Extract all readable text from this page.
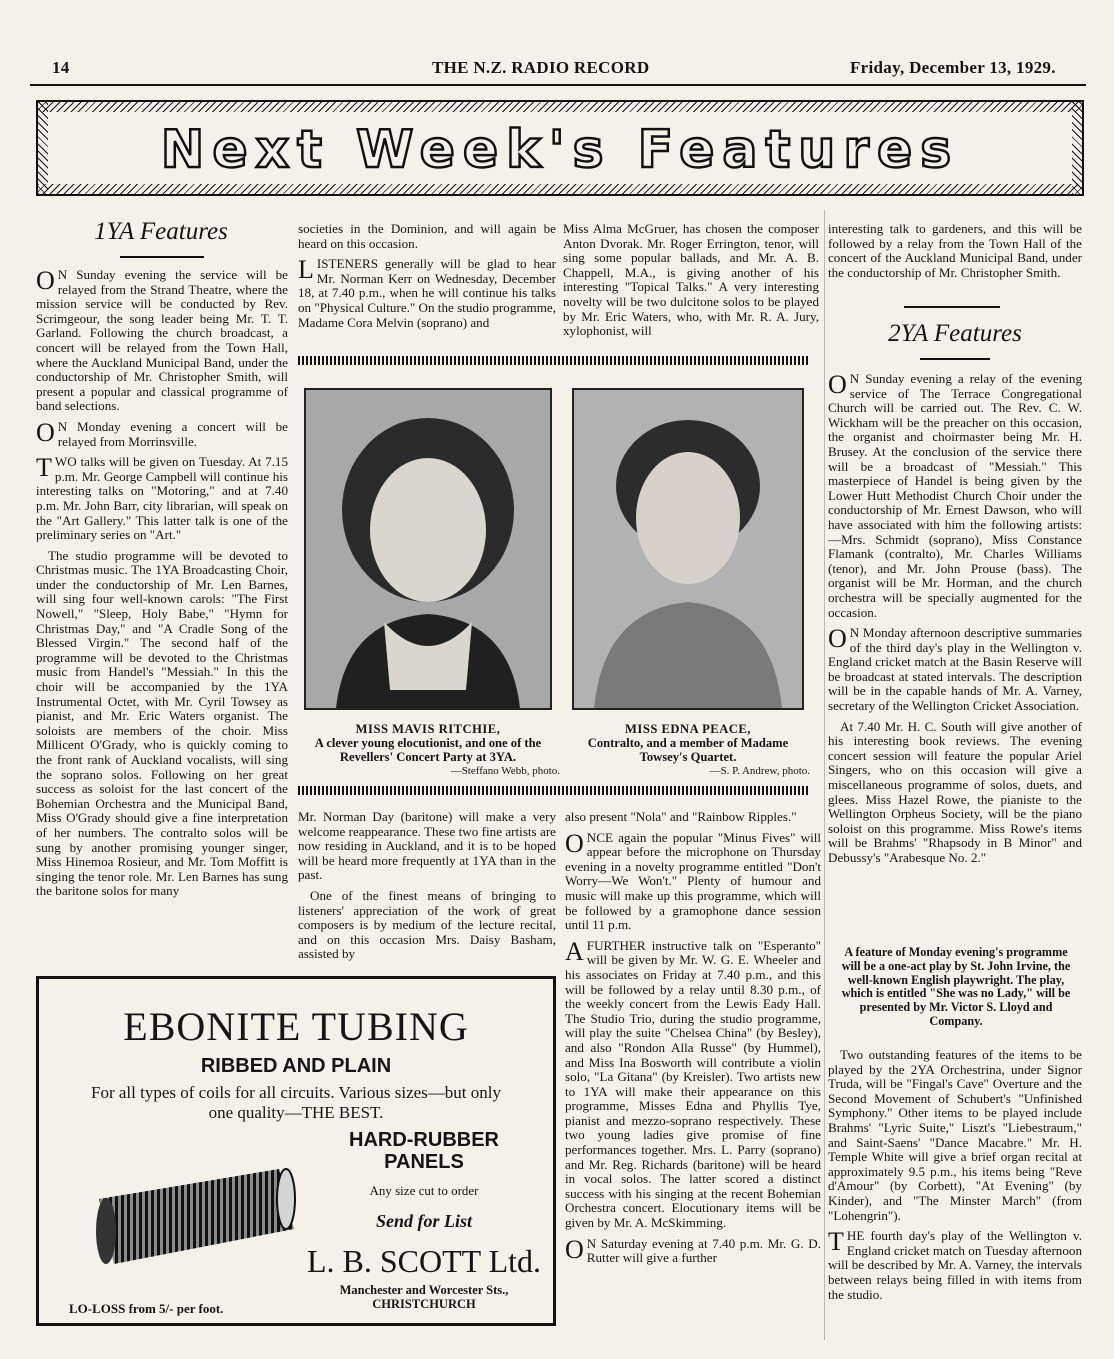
14	THE N.Z. RADIO RECORD	Friday, December 13, 1929.
Next Week's Features
1YA Features

ON Sunday evening the service will be relayed from the Strand Theatre, where the mission service will be conducted by Rev. Scrimgeour, the song leader being Mr. T. T. Garland. Following the church broadcast, a concert will be relayed from the Town Hall, where the Auckland Municipal Band, under the conductorship of Mr. Christopher Smith, will present a popular and classical programme of band selections.

ON Monday evening a concert will be relayed from Morrinsville.

TWO talks will be given on Tuesday. At 7.15 p.m. Mr. George Campbell will continue his interesting talks on "Motoring," and at 7.40 p.m. Mr. John Barr, city librarian, will speak on the "Art Gallery." This latter talk is one of the preliminary series on "Art."

The studio programme will be devoted to Christmas music. The 1YA Broadcasting Choir, under the conductorship of Mr. Len Barnes, will sing four well-known carols: "The First Nowell," "Sleep, Holy Babe," "Hymn for Christmas Day," and "A Cradle Song of the Blessed Virgin." The second half of the programme will be devoted to the Christmas music from Handel's "Messiah." In this the choir will be accompanied by the 1YA Instrumental Octet, with Mr. Cyril Towsey as pianist, and Mr. Eric Waters organist. The soloists are members of the choir. Miss Millicent O'Grady, who is quickly coming to the front rank of Auckland vocalists, will sing the soprano solos. Following on her great success as soloist for the last concert of the Bohemian Orchestra and the Municipal Band, Miss O'Grady should give a fine interpretation of her numbers. The contralto solos will be sung by another promising younger singer, Miss Hinemoa Rosieur, and Mr. Tom Moffitt is singing the tenor role. Mr. Len Barnes has sung the baritone solos for many

societies in the Dominion, and will again be heard on this occasion.

LISTENERS generally will be glad to hear Mr. Norman Kerr on Wednesday, December 18, at 7.40 p.m., when he will continue his talks on "Physical Culture." On the studio programme, Madame Cora Melvin (soprano) and

Miss Alma McGruer, has chosen the composer Anton Dvorak. Mr. Roger Errington, tenor, will sing some popular ballads, and Mr. A. B. Chappell, M.A., is giving another of his interesting "Topical Talks." A very interesting novelty will be two dulcitone solos to be played by Mr. Eric Waters, who, with Mr. R. A. Jury, xylophonist, will

MISS MAVIS RITCHIE,
A clever young elocutionist, and one of the Revellers' Concert Party at 3YA.
—Steffano Webb, photo.
MISS EDNA PEACE,
Contralto, and a member of Madame Towsey's Quartet.
—S. P. Andrew, photo.

Mr. Norman Day (baritone) will make a very welcome reappearance. These two fine artists are now residing in Auckland, and it is to be hoped will be heard more frequently at 1YA than in the past.

One of the finest means of bringing to listeners' appreciation of the work of great composers is by medium of the lecture recital, and on this occasion Mrs. Daisy Basham, assisted by

also present "Nola" and "Rainbow Ripples."

ONCE again the popular "Minus Fives" will appear before the microphone on Thursday evening in a novelty programme entitled "Don't Worry—We Won't." Plenty of humour and music will make up this programme, which will be followed by a gramophone dance session until 11 p.m.

AFURTHER instructive talk on "Esperanto" will be given by Mr. W. G. E. Wheeler and his associates on Friday at 7.40 p.m., and this will be followed by a relay until 8.30 p.m., of the weekly concert from the Lewis Eady Hall. The Studio Trio, during the studio programme, will play the suite "Chelsea China" (by Besley), and also "Rondon Alla Russe" (by Hummel), and Miss Ina Bosworth will contribute a violin solo, "La Gitana" (by Kreisler). Two artists new to 1YA will make their appearance on this programme, Misses Edna and Phyllis Tye, pianist and mezzo-soprano respectively. These two young ladies give promise of fine performances together. Mrs. L. Parry (soprano) and Mr. Reg. Richards (baritone) will be heard in vocal solos. The latter scored a distinct success with his singing at the recent Bohemian Orchestra concert. Elocutionary items will be given by Mr. A. McSkimming.

ON Saturday evening at 7.40 p.m. Mr. G. D. Rutter will give a further

interesting talk to gardeners, and this will be followed by a relay from the Town Hall of the concert of the Auckland Municipal Band, under the conductorship of Mr. Christopher Smith.

2YA Features

ON Sunday evening a relay of the evening service of The Terrace Congregational Church will be carried out. The Rev. C. W. Wickham will be the preacher on this occasion, the organist and choirmaster being Mr. H. Brusey. At the conclusion of the service there will be a broadcast of "Messiah." This masterpiece of Handel is being given by the Lower Hutt Methodist Church Choir under the conductorship of Mr. Ernest Dawson, who will have associated with him the following artists:—Mrs. Schmidt (soprano), Miss Constance Flamank (contralto), Mr. Charles Williams (tenor), and Mr. John Prouse (bass). The organist will be Mr. Horman, and the church orchestra will be specially augmented for the occasion.

ON Monday afternoon descriptive summaries of the third day's play in the Wellington v. England cricket match at the Basin Reserve will be broadcast at stated intervals. The description will be in the capable hands of Mr. A. Varney, secretary of the Wellington Cricket Association.

At 7.40 Mr. H. C. South will give another of his interesting book reviews. The evening concert session will feature the popular Ariel Singers, who on this occasion will give a miscellaneous programme of solos, duets, and glees. Miss Hazel Rowe, the pianiste to the Wellington Orpheus Society, will be the piano soloist on this programme. Miss Rowe's items will be Brahms' "Rhapsody in B Minor" and Debussy's "Arabesque No. 2."

A feature of Monday evening's programme will be a one-act play by St. John Irvine, the well-known English playwright. The play, which is entitled "She was no Lady," will be presented by Mr. Victor S. Lloyd and Company.

Two outstanding features of the items to be played by the 2YA Orchestrina, under Signor Truda, will be "Fingal's Cave" Overture and the Second Movement of Schubert's "Unfinished Symphony." Other items to be played include Brahms' "Lyric Suite," Liszt's "Liebestraum," and Saint-Saens' "Dance Macabre." Mr. H. Temple White will give a brief organ recital at approximately 9.5 p.m., his items being "Reve d'Amour" (by Corbett), "At Evening" (by Kinder), and "The Minster March" (from "Lohengrin").

THE fourth day's play of the Wellington v. England cricket match on Tuesday afternoon will be described by Mr. A. Varney, the intervals between relays being filled in with items from the studio.

EBONITE TUBING
RIBBED AND PLAIN
For all types of coils for all circuits. Various sizes—but only one quality—THE BEST.
HARD-RUBBER PANELS
Any size cut to order
Send for List
L. B. SCOTT Ltd.
Manchester and Worcester Sts., CHRISTCHURCH
LO-LOSS from 5/- per foot.
